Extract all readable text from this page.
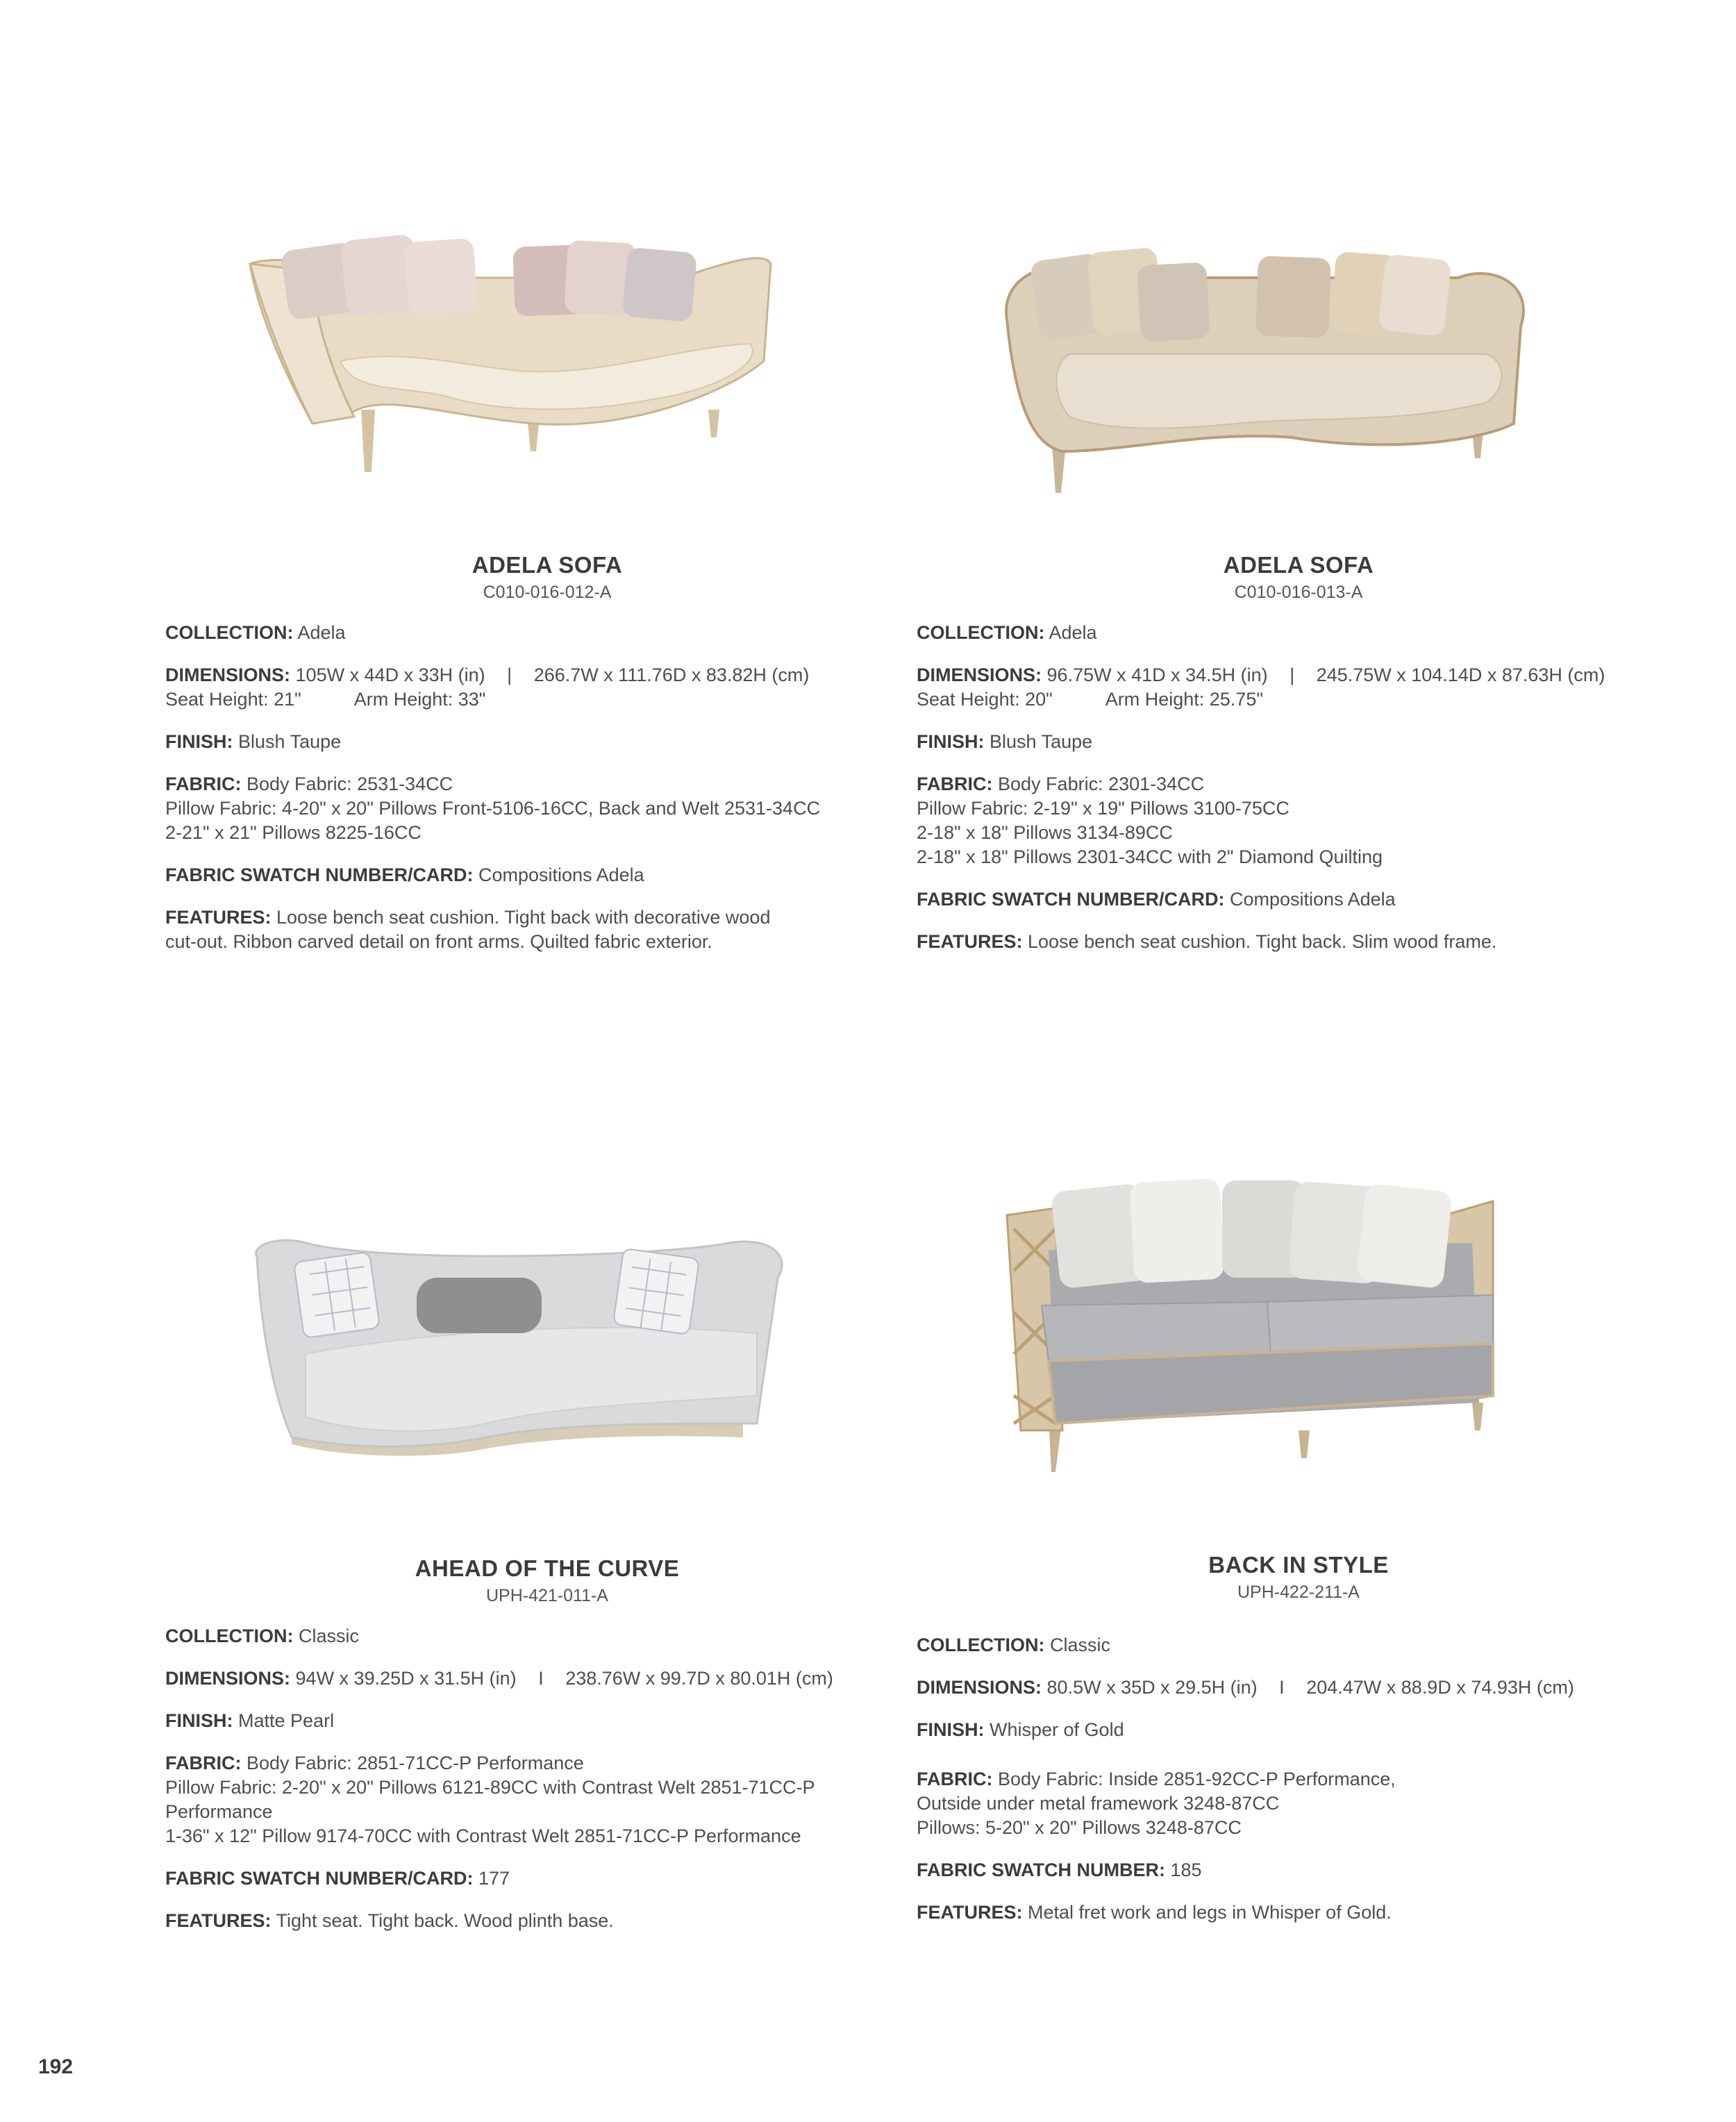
ADELA SOFA
C010-016-012-A
COLLECTION: Adela
DIMENSIONS: 105W x 44D x 33H (in) | 266.7W x 111.76D x 83.82H (cm)
Seat Height: 21"	Arm Height: 33"
FINISH: Blush Taupe
FABRIC: Body Fabric: 2531-34CC
Pillow Fabric: 4-20" x 20" Pillows Front-5106-16CC, Back and Welt 2531-34CC
2-21" x 21" Pillows 8225-16CC
FABRIC SWATCH NUMBER/CARD: Compositions Adela
FEATURES: Loose bench seat cushion. Tight back with decorative wood
cut-out. Ribbon carved detail on front arms. Quilted fabric exterior.
ADELA SOFA
C010-016-013-A
COLLECTION: Adela
DIMENSIONS: 96.75W x 41D x 34.5H (in) | 245.75W x 104.14D x 87.63H (cm)
Seat Height: 20"	Arm Height: 25.75"
FINISH: Blush Taupe
FABRIC: Body Fabric: 2301-34CC
Pillow Fabric: 2-19" x 19" Pillows 3100-75CC
2-18" x 18" Pillows 3134-89CC
2-18" x 18" Pillows 2301-34CC with 2" Diamond Quilting
FABRIC SWATCH NUMBER/CARD: Compositions Adela
FEATURES: Loose bench seat cushion. Tight back. Slim wood frame.
AHEAD OF THE CURVE
UPH-421-011-A
COLLECTION: Classic
DIMENSIONS: 94W x 39.25D x 31.5H (in) I 238.76W x 99.7D x 80.01H (cm)
FINISH: Matte Pearl
FABRIC: Body Fabric: 2851-71CC-P Performance
Pillow Fabric: 2-20" x 20" Pillows 6121-89CC with Contrast Welt 2851-71CC-P
Performance
1-36" x 12" Pillow 9174-70CC with Contrast Welt 2851-71CC-P Performance
FABRIC SWATCH NUMBER/CARD: 177
FEATURES: Tight seat. Tight back. Wood plinth base.
BACK IN STYLE
UPH-422-211-A
COLLECTION: Classic
DIMENSIONS: 80.5W x 35D x 29.5H (in) I 204.47W x 88.9D x 74.93H (cm)
FINISH: Whisper of Gold
FABRIC: Body Fabric: Inside 2851-92CC-P Performance,
Outside under metal framework 3248-87CC
Pillows: 5-20" x 20" Pillows 3248-87CC
FABRIC SWATCH NUMBER: 185
FEATURES: Metal fret work and legs in Whisper of Gold.
192
